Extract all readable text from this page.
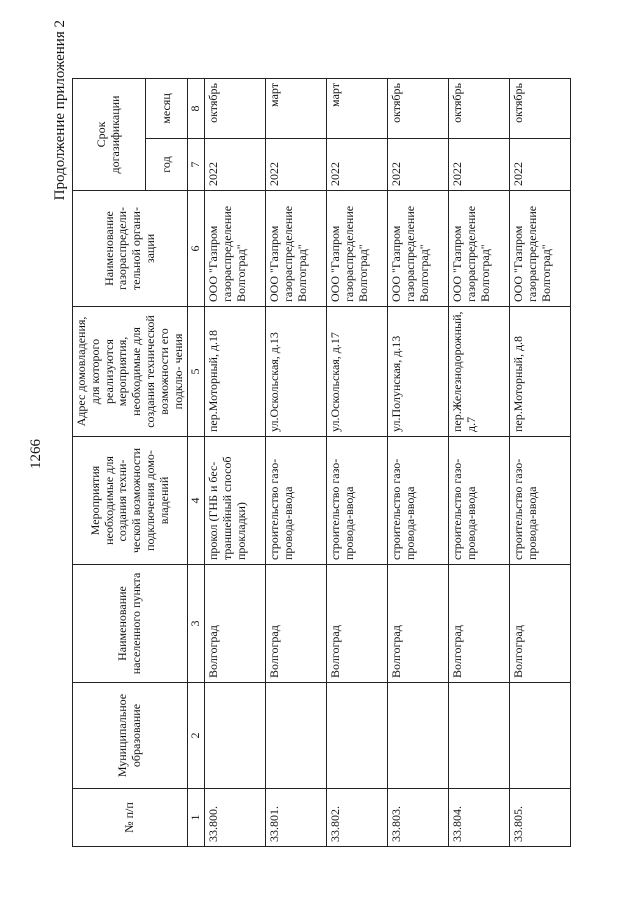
1266
Продолжение приложения 2
№ п/п	Муниципальное образование	Наименование населенного пункта	Мероприятия необходимые для создания техни- ческой возможности подключения домо- владений	Адрес домовладения, для которого реализуются мероприятия, необходимые для создания технической возможности его подклю- чения	Наименование газораспредели- тельной органи- зации	Срок догазификации	
						год	месяц
1	2	3	4	5	6	7	8
33.800.		Волгоград	прокол (ГНБ и бес- траншейный способ прокладки)	пер.Моторный, д.18	ООО "Газпром газораспределение Волгоград"	2022	октябрь
33.801.		Волгоград	строительство газо- провода-ввода	ул.Оскольская, д.13	ООО "Газпром газораспределение Волгоград"	2022	март
33.802.		Волгоград	строительство газо- провода-ввода	ул.Оскольская, д.17	ООО "Газпром газораспределение Волгоград"	2022	март
33.803.		Волгоград	строительство газо- провода-ввода	ул.Полунская, д.13	ООО "Газпром газораспределение Волгоград"	2022	октябрь
33.804.		Волгоград	строительство газо- провода-ввода	пер.Железнодорожный, д.7	ООО "Газпром газораспределение Волгоград"	2022	октябрь
33.805.		Волгоград	строительство газо- провода-ввода	пер.Моторный, д.8	ООО "Газпром газораспределение Волгоград"	2022	октябрь
